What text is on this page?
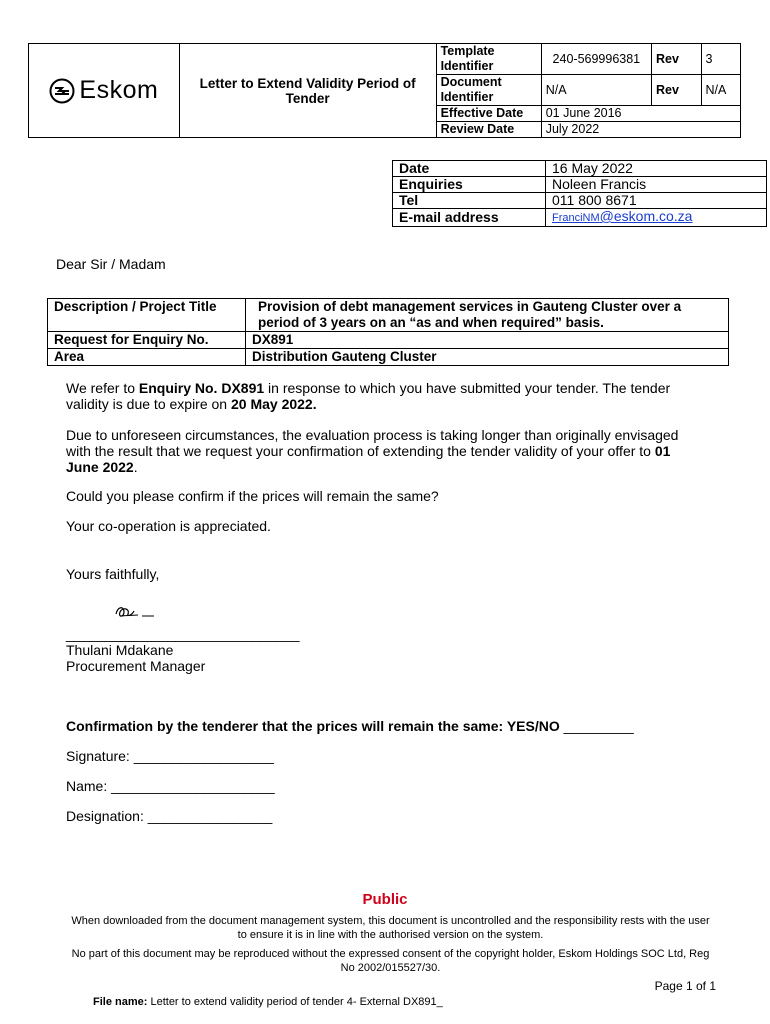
Eskom	Letter to Extend Validity Period of Tender	Template Identifier	240-569996381	Rev	3

		Document Identifier	N/A	Rev	N/A

		Effective Date	01 June 2016		
		Review Date	July 2022		
Date	16 May 2022
Enquiries	Noleen Francis
Tel	011 800 8671
E-mail address	FranciNM@eskom.co.za
Dear Sir / Madam
Description / Project Title	Provision of debt management services in Gauteng Cluster over a
period of 3 years on an “as and when required” basis.

Request for Enquiry No.	DX891
Area	Distribution Gauteng Cluster
We refer to Enquiry No. DX891 in response to which you have submitted your tender. The tender validity is due to expire on 20 May 2022.
Due to unforeseen circumstances, the evaluation process is taking longer than originally envisaged with the result that we request your confirmation of extending the tender validity of your offer to 01 June 2022.
Could you please confirm if the prices will remain the same?
Your co-operation is appreciated.
Yours faithfully,
______________________________
Thulani Mdakane
Procurement Manager
Confirmation by the tenderer that the prices will remain the same: YES/NO _________
Signature: __________________
Name: _____________________
Designation: ________________
Public
When downloaded from the document management system, this document is uncontrolled and the responsibility rests with the user to ensure it is in line with the authorised version on the system.
No part of this document may be reproduced without the expressed consent of the copyright holder, Eskom Holdings SOC Ltd, Reg No 2002/015527/30.
Page 1 of 1
File name: Letter to extend validity period of tender 4- External DX891_
